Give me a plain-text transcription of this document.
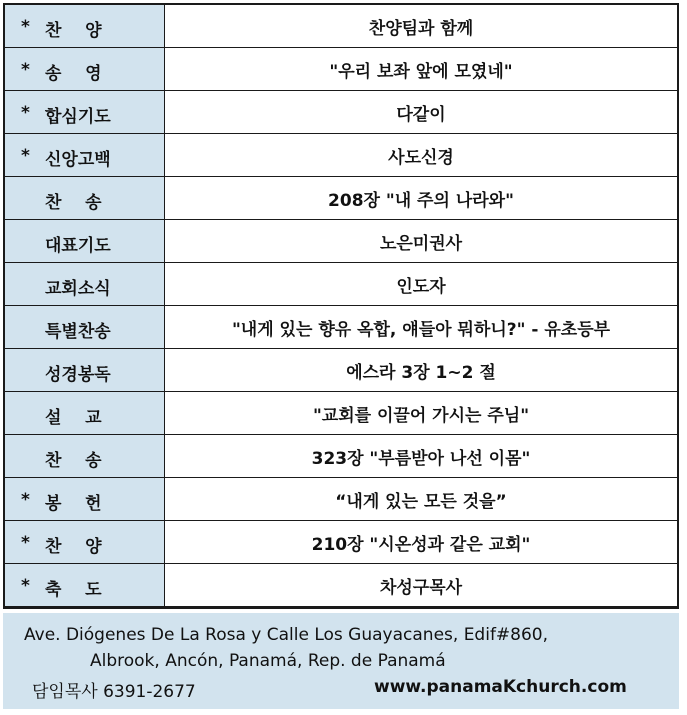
* 찬    양	찬양팀과 함께

* 송    영	"우리 보좌 앞에 모였네"

* 합심기도	다같이

* 신앙고백	사도신경

찬    송	208장 "내 주의 나라와"

대표기도	노은미권사

교회소식	인도자

특별찬송	"내게 있는 향유 옥합, 얘들아 뭐하니?" - 유초등부

성경봉독	에스라 3장 1~2 절

설    교	"교회를 이끌어 가시는 주님"

찬    송	323장 "부름받아 나선 이몸"

* 봉    헌	“내게 있는 모든 것을”

* 찬    양	210장 "시온성과 같은 교회"

* 축    도	차성구목사
Ave. Diógenes De La Rosa y Calle Los Guayacanes, Edif#860,
Albrook, Ancón, Panamá, Rep. de Panamá
담임목사 6391-2677	www.panamaKchurch.com
